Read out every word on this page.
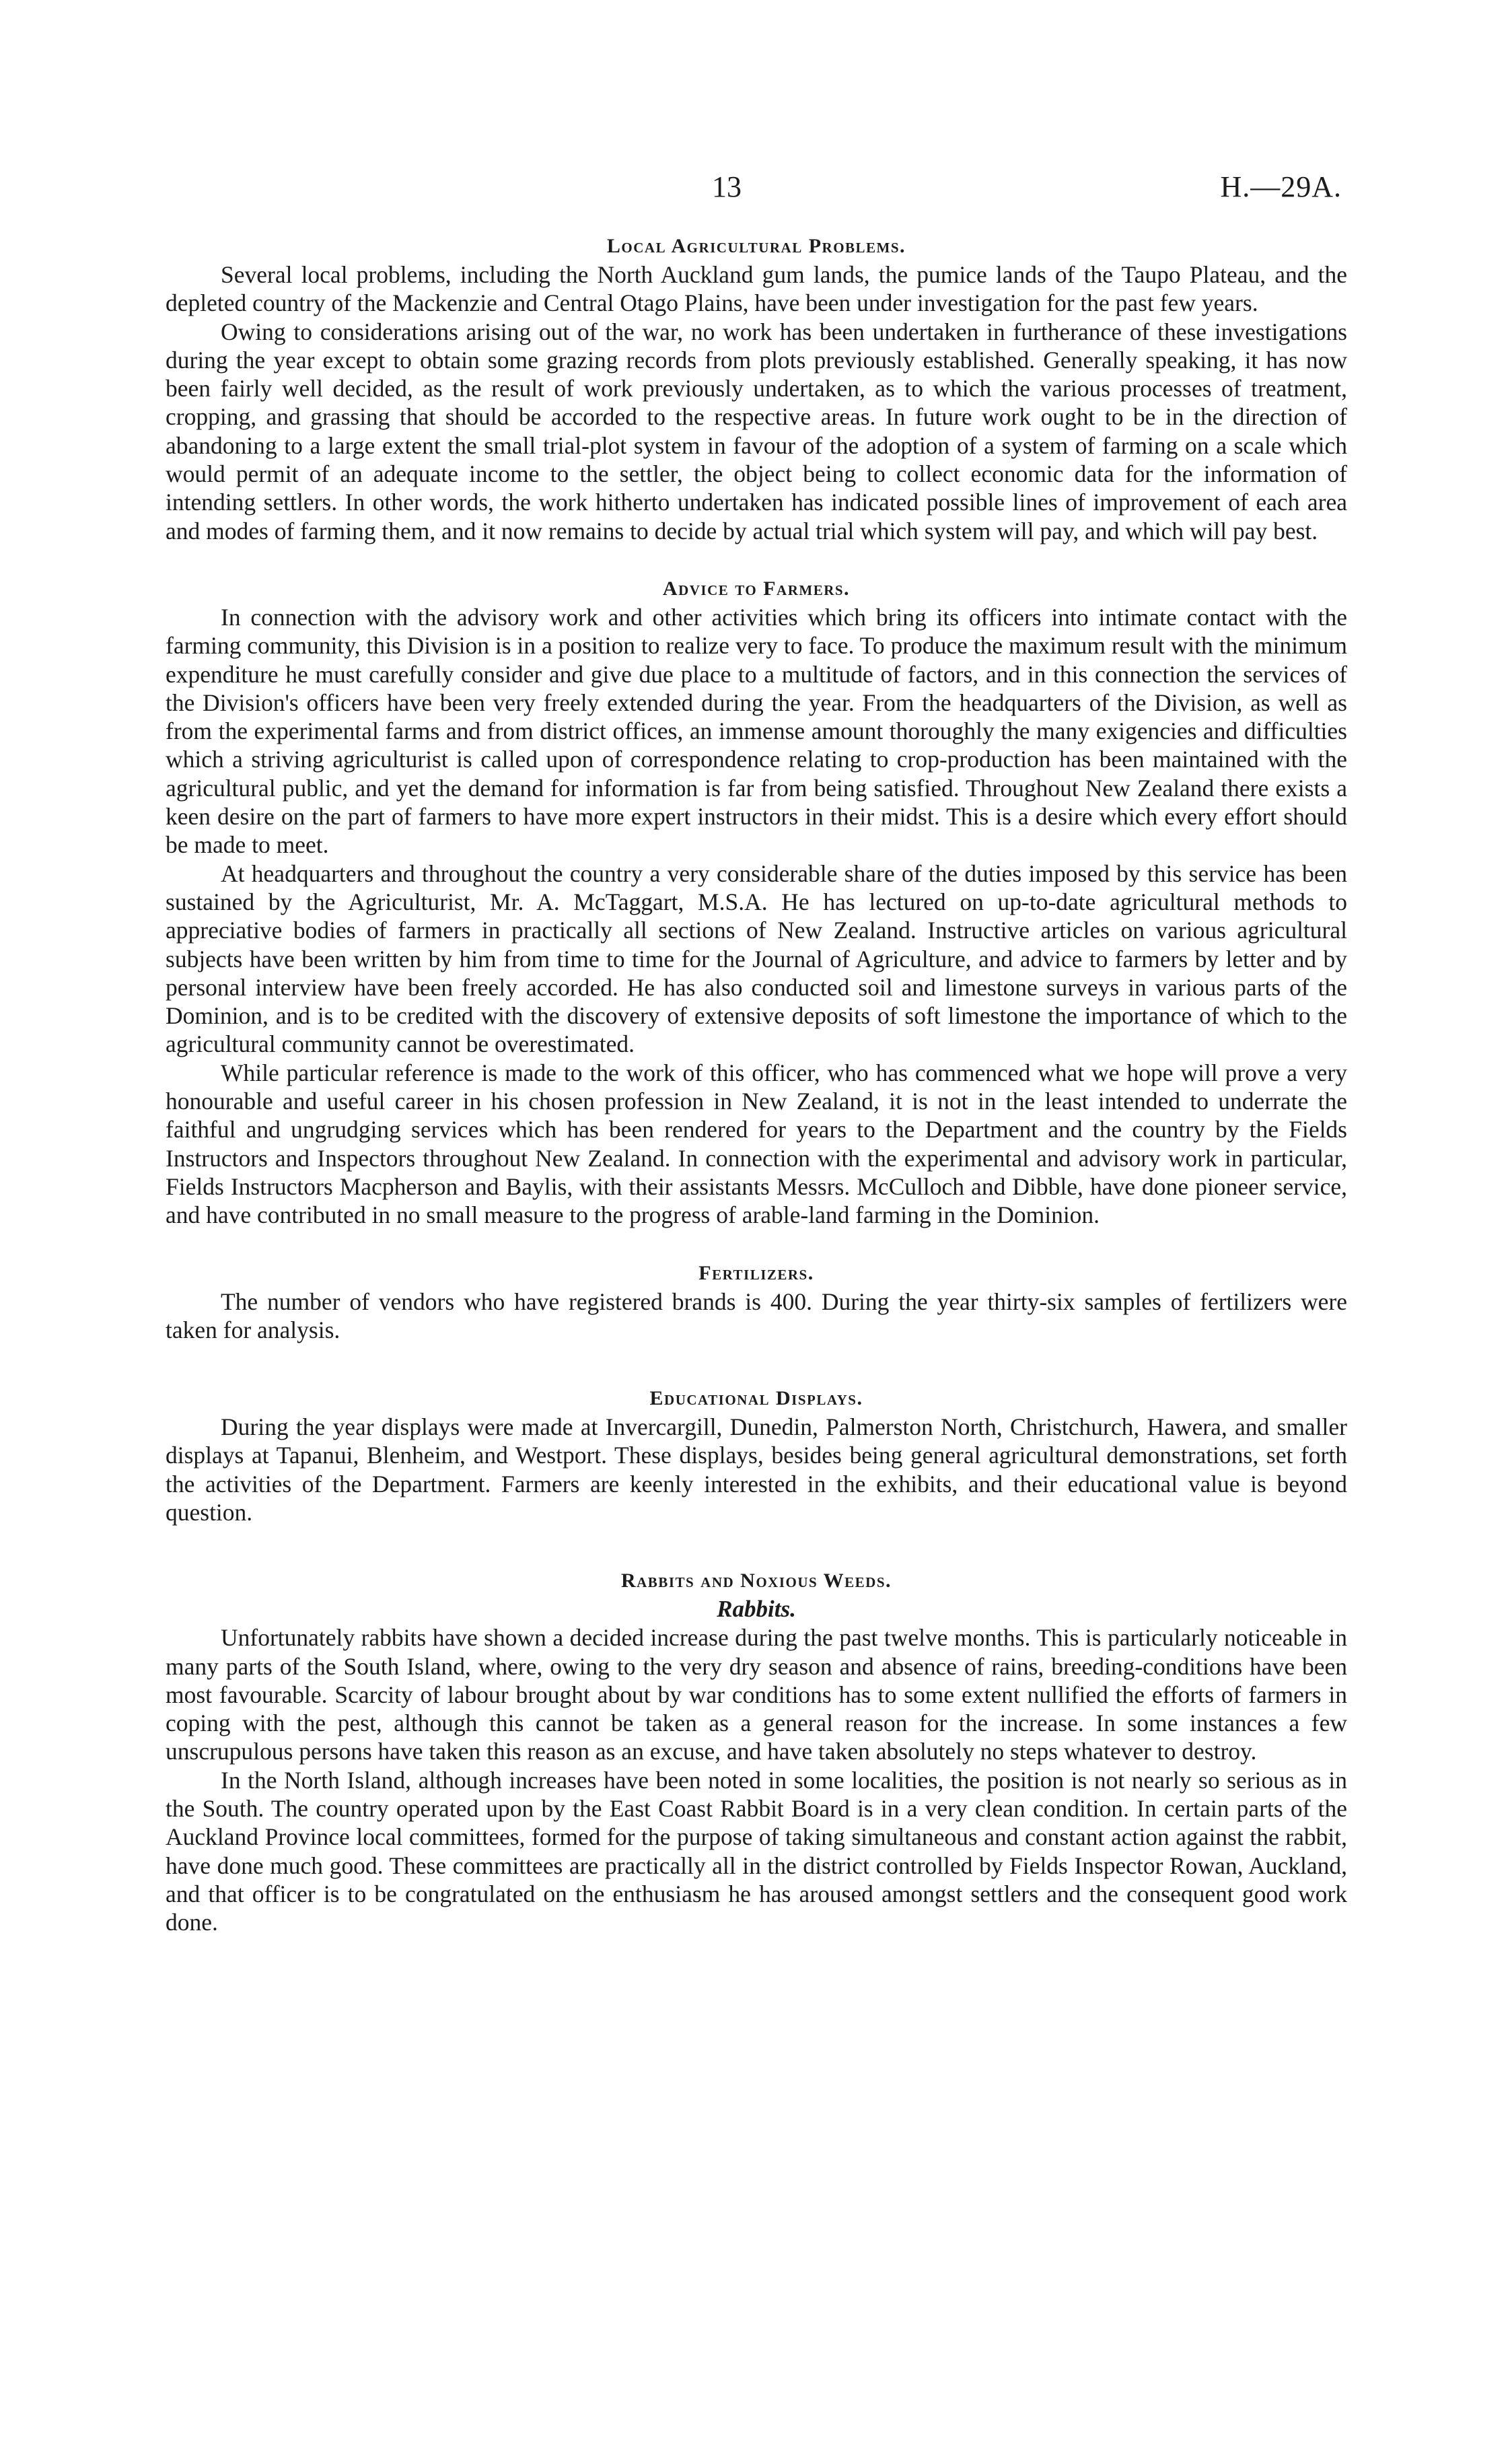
13	H.—29A.
Local Agricultural Problems.

Several local problems, including the North Auckland gum lands, the pumice lands of the Taupo Plateau, and the depleted country of the Mackenzie and Central Otago Plains, have been under investigation for the past few years.

Owing to considerations arising out of the war, no work has been undertaken in furtherance of these investigations during the year except to obtain some grazing records from plots previously established. Generally speaking, it has now been fairly well decided, as the result of work previously undertaken, as to which the various processes of treatment, cropping, and grassing that should be accorded to the respective areas. In future work ought to be in the direction of abandoning to a large extent the small trial-plot system in favour of the adoption of a system of farming on a scale which would permit of an adequate income to the settler, the object being to collect economic data for the information of intending settlers. In other words, the work hitherto undertaken has indicated possible lines of improvement of each area and modes of farming them, and it now remains to decide by actual trial which system will pay, and which will pay best.

Advice to Farmers.

In connection with the advisory work and other activities which bring its officers into intimate contact with the farming community, this Division is in a position to realize very to face. To produce the maximum result with the minimum expenditure he must carefully consider and give due place to a multitude of factors, and in this connection the services of the Division's officers have been very freely extended during the year. From the headquarters of the Division, as well as from the experimental farms and from district offices, an immense amount thoroughly the many exigencies and difficulties which a striving agriculturist is called upon of correspondence relating to crop-production has been maintained with the agricultural public, and yet the demand for information is far from being satisfied. Throughout New Zealand there exists a keen desire on the part of farmers to have more expert instructors in their midst. This is a desire which every effort should be made to meet.

At headquarters and throughout the country a very considerable share of the duties imposed by this service has been sustained by the Agriculturist, Mr. A. McTaggart, M.S.A. He has lectured on up-to-date agricultural methods to appreciative bodies of farmers in practically all sections of New Zealand. Instructive articles on various agricultural subjects have been written by him from time to time for the Journal of Agriculture, and advice to farmers by letter and by personal interview have been freely accorded. He has also conducted soil and limestone surveys in various parts of the Dominion, and is to be credited with the discovery of extensive deposits of soft limestone the importance of which to the agricultural community cannot be overestimated.

While particular reference is made to the work of this officer, who has commenced what we hope will prove a very honourable and useful career in his chosen profession in New Zealand, it is not in the least intended to underrate the faithful and ungrudging services which has been rendered for years to the Department and the country by the Fields Instructors and Inspectors throughout New Zealand. In connection with the experimental and advisory work in particular, Fields Instructors Macpherson and Baylis, with their assistants Messrs. McCulloch and Dibble, have done pioneer service, and have contributed in no small measure to the progress of arable-land farming in the Dominion.

Fertilizers.

The number of vendors who have registered brands is 400. During the year thirty-six samples of fertilizers were taken for analysis.

Educational Displays.

During the year displays were made at Invercargill, Dunedin, Palmerston North, Christchurch, Hawera, and smaller displays at Tapanui, Blenheim, and Westport. These displays, besides being general agricultural demonstrations, set forth the activities of the Department. Farmers are keenly interested in the exhibits, and their educational value is beyond question.

Rabbits and Noxious Weeds.
Rabbits.

Unfortunately rabbits have shown a decided increase during the past twelve months. This is particularly noticeable in many parts of the South Island, where, owing to the very dry season and absence of rains, breeding-conditions have been most favourable. Scarcity of labour brought about by war conditions has to some extent nullified the efforts of farmers in coping with the pest, although this cannot be taken as a general reason for the increase. In some instances a few unscrupulous persons have taken this reason as an excuse, and have taken absolutely no steps whatever to destroy.

In the North Island, although increases have been noted in some localities, the position is not nearly so serious as in the South. The country operated upon by the East Coast Rabbit Board is in a very clean condition. In certain parts of the Auckland Province local committees, formed for the purpose of taking simultaneous and constant action against the rabbit, have done much good. These committees are practically all in the district controlled by Fields Inspector Rowan, Auckland, and that officer is to be congratulated on the enthusiasm he has aroused amongst settlers and the consequent good work done.
